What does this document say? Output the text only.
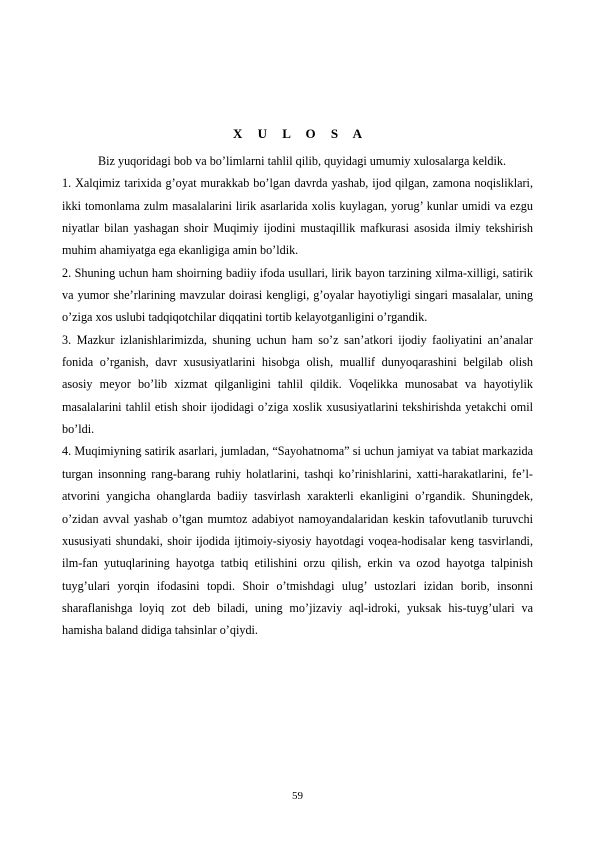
X U L O S A

Biz yuqoridagi bob va bo’limlarni tahlil qilib, quyidagi umumiy xulosalarga keldik.

1. Xalqimiz tarixida g’oyat murakkab bo’lgan davrda yashab, ijod qilgan, zamona noqisliklari, ikki tomonlama zulm masalalarini lirik asarlarida xolis kuylagan, yorug’ kunlar umidi va ezgu niyatlar bilan yashagan shoir Muqimiy ijodini mustaqillik mafkurasi asosida ilmiy tekshirish muhim ahamiyatga ega ekanligiga amin bo’ldik.

2. Shuning uchun ham shoirning badiiy ifoda usullari, lirik bayon tarzining xilma-xilligi, satirik va yumor she’rlarining mavzular doirasi kengligi, g’oyalar hayotiyligi singari masalalar, uning o’ziga xos uslubi tadqiqotchilar diqqatini tortib kelayotganligini o’rgandik.

3. Mazkur izlanishlarimizda, shuning uchun ham so’z san’atkori ijodiy faoliyatini an’analar fonida o’rganish, davr xususiyatlarini hisobga olish, muallif dunyoqarashini belgilab olish asosiy meyor bo’lib xizmat qilganligini tahlil qildik. Voqelikka munosabat va hayotiylik masalalarini tahlil etish shoir ijodidagi o’ziga xoslik xususiyatlarini tekshirishda yetakchi omil bo’ldi.

4. Muqimiyning satirik asarlari, jumladan, “Sayohatnoma” si uchun jamiyat va tabiat markazida turgan insonning rang-barang ruhiy holatlarini, tashqi ko’rinishlarini, xatti-harakatlarini, fe’l-atvorini yangicha ohanglarda badiiy tasvirlash xarakterli ekanligini o’rgandik. Shuningdek, o’zidan avval yashab o’tgan mumtoz adabiyot namoyandalaridan keskin tafovutlanib turuvchi xususiyati shundaki, shoir ijodida ijtimoiy-siyosiy hayotdagi voqea-hodisalar keng tasvirlandi, ilm-fan yutuqlarining hayotga tatbiq etilishini orzu qilish, erkin va ozod hayotga talpinish tuyg’ulari yorqin ifodasini topdi. Shoir o’tmishdagi ulug’ ustozlari izidan borib, insonni sharaflanishga loyiq zot deb biladi, uning mo’jizaviy aql-idroki, yuksak his-tuyg’ulari va hamisha baland didiga tahsinlar o’qiydi.

59
